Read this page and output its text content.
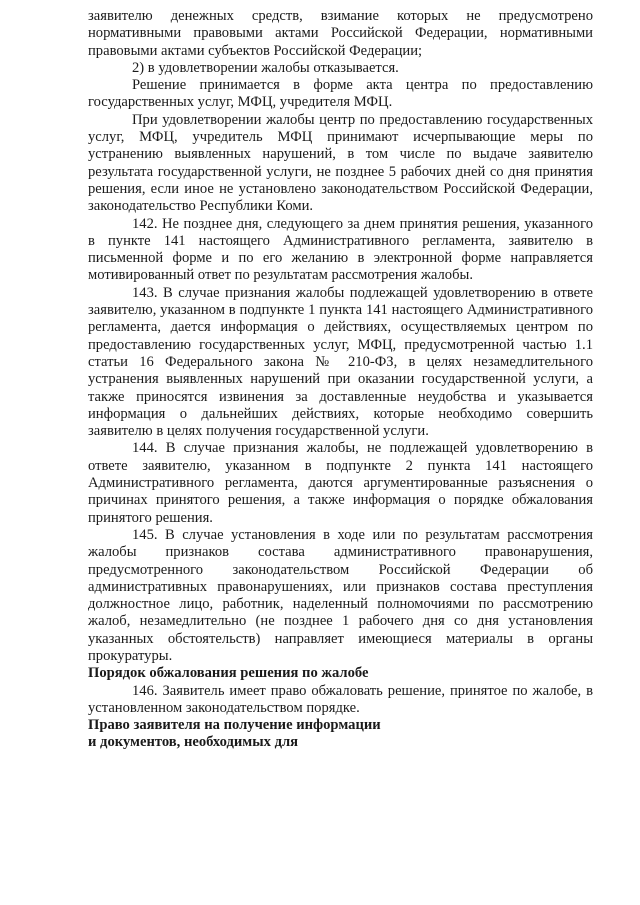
заявителю денежных средств, взимание которых не предусмотрено нормативными правовыми актами Российской Федерации, нормативными правовыми актами субъектов Российской Федерации;

2) в удовлетворении жалобы отказывается.

Решение принимается в форме акта центра по предоставлению государственных услуг, МФЦ, учредителя МФЦ.

При удовлетворении жалобы центр по предоставлению государственных услуг, МФЦ, учредитель МФЦ принимают исчерпывающие меры по устранению выявленных нарушений, в том числе по выдаче заявителю результата государственной услуги, не позднее 5 рабочих дней со дня принятия решения, если иное не установлено законодательством Российской Федерации, законодательство Республики Коми.

142. Не позднее дня, следующего за днем принятия решения, указанного в пункте 141 настоящего Административного регламента, заявителю в письменной форме и по его желанию в электронной форме направляется мотивированный ответ по результатам рассмотрения жалобы.

143. В случае признания жалобы подлежащей удовлетворению в ответе заявителю, указанном в подпункте 1 пункта 141 настоящего Административного регламента, дается информация о действиях, осуществляемых центром по предоставлению государственных услуг, МФЦ, предусмотренной частью 1.1 статьи 16 Федерального закона № 210-ФЗ, в целях незамедлительного устранения выявленных нарушений при оказании государственной услуги, а также приносятся извинения за доставленные неудобства и указывается информация о дальнейших действиях, которые необходимо совершить заявителю в целях получения государственной услуги.

144. В случае признания жалобы, не подлежащей удовлетворению в ответе заявителю, указанном в подпункте 2 пункта 141 настоящего Административного регламента, даются аргументированные разъяснения о причинах принятого решения, а также информация о порядке обжалования принятого решения.

145. В случае установления в ходе или по результатам рассмотрения жалобы признаков состава административного правонарушения, предусмотренного законодательством Российской Федерации об административных правонарушениях, или признаков состава преступления должностное лицо, работник, наделенный полномочиями по рассмотрению жалоб, незамедлительно (не позднее 1 рабочего дня со дня установления указанных обстоятельств) направляет имеющиеся материалы в органы прокуратуры.

Порядок обжалования решения по жалобе

146. Заявитель имеет право обжаловать решение, принятое по жалобе, в установленном законодательством порядке.

Право заявителя на получение информации

и документов, необходимых для
